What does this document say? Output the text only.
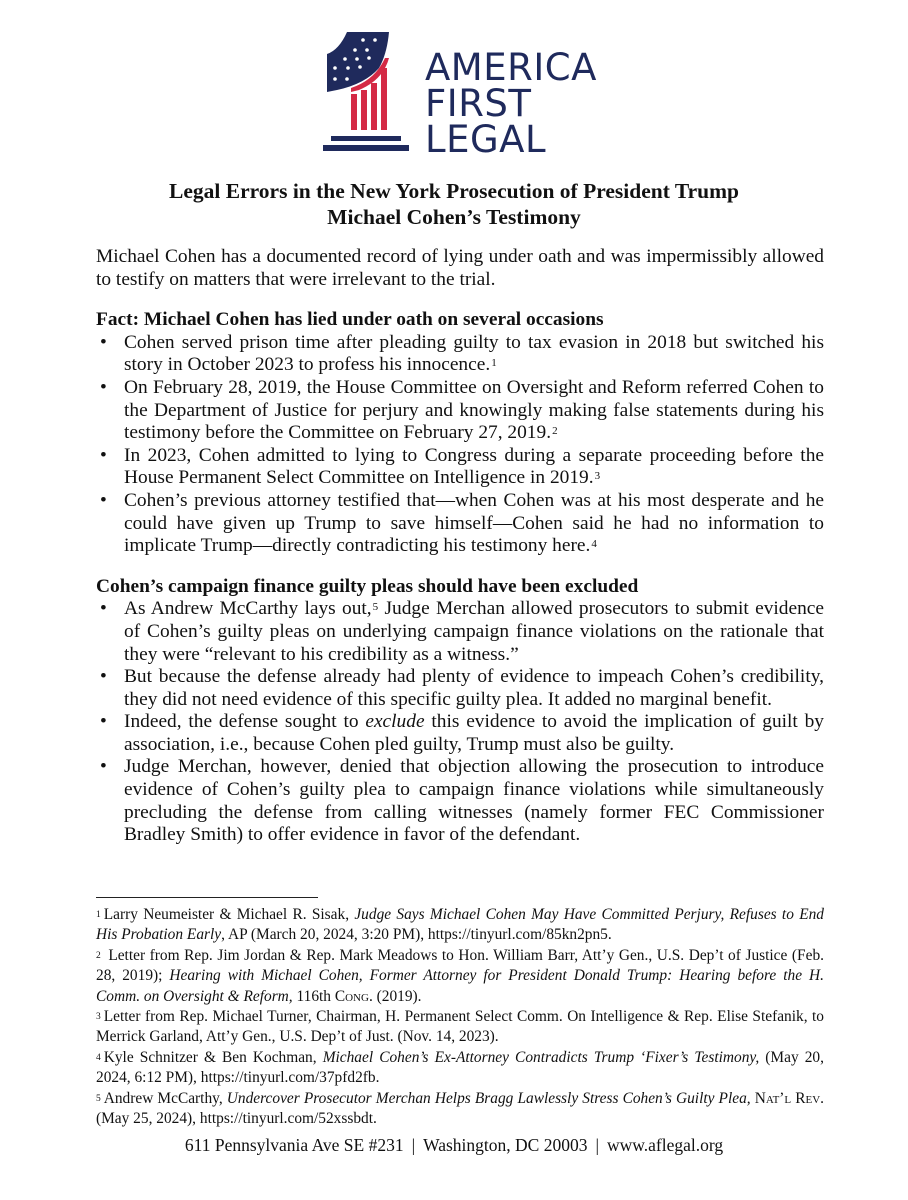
AMERICA
FIRST
LEGAL
Legal Errors in the New York Prosecution of President Trump
Michael Cohen’s Testimony

Michael Cohen has a documented record of lying under oath and was impermissibly allowed to testify on matters that were irrelevant to the trial.

Fact: Michael Cohen has lied under oath on several occasions

• Cohen served prison time after pleading guilty to tax evasion in 2018 but switched his story in October 2023 to profess his innocence.$^1$
• On February 28, 2019, the House Committee on Oversight and Reform referred Cohen to the Department of Justice for perjury and knowingly making false statements during his testimony before the Committee on February 27, 2019.$^2$
• In 2023, Cohen admitted to lying to Congress during a separate proceeding before the House Permanent Select Committee on Intelligence in 2019.$^3$
• Cohen’s previous attorney testified that—when Cohen was at his most desperate and he could have given up Trump to save himself—Cohen said he had no information to implicate Trump—directly contradicting his testimony here.$^4$

Cohen’s campaign finance guilty pleas should have been excluded

• As Andrew McCarthy lays out,$^5$ Judge Merchan allowed prosecutors to submit evidence of Cohen’s guilty pleas on underlying campaign finance violations on the rationale that they were “relevant to his credibility as a witness.”
• But because the defense already had plenty of evidence to impeach Cohen’s credibility, they did not need evidence of this specific guilty plea. It added no marginal benefit.
• Indeed, the defense sought to exclude this evidence to avoid the implication of guilt by association, i.e., because Cohen pled guilty, Trump must also be guilty.
• Judge Merchan, however, denied that objection allowing the prosecution to introduce evidence of Cohen’s guilty plea to campaign finance violations while simultaneously precluding the defense from calling witnesses (namely former FEC Commissioner Bradley Smith) to offer evidence in favor of the defendant.

$^1$ Larry Neumeister & Michael R. Sisak, Judge Says Michael Cohen May Have Committed Perjury, Refuses to End His Probation Early, AP (March 20, 2024, 3:20 PM), https://tinyurl.com/85kn2pn5.

$^2$ Letter from Rep. Jim Jordan & Rep. Mark Meadows to Hon. William Barr, Att’y Gen., U.S. Dep’t of Justice (Feb. 28, 2019); Hearing with Michael Cohen, Former Attorney for President Donald Trump: Hearing before the H. Comm. on Oversight & Reform, 116th Cong. (2019).

$^3$ Letter from Rep. Michael Turner, Chairman, H. Permanent Select Comm. On Intelligence & Rep. Elise Stefanik, to Merrick Garland, Att’y Gen., U.S. Dep’t of Just. (Nov. 14, 2023).

$^4$ Kyle Schnitzer & Ben Kochman, Michael Cohen’s Ex-Attorney Contradicts Trump ‘Fixer’s Testimony, (May 20, 2024, 6:12 PM), https://tinyurl.com/37pfd2fb.

$^5$ Andrew McCarthy, Undercover Prosecutor Merchan Helps Bragg Lawlessly Stress Cohen’s Guilty Plea, Nat’l Rev. (May 25, 2024), https://tinyurl.com/52xssbdt.

611 Pennsylvania Ave SE #231 | Washington, DC 20003 | www.aflegal.org
